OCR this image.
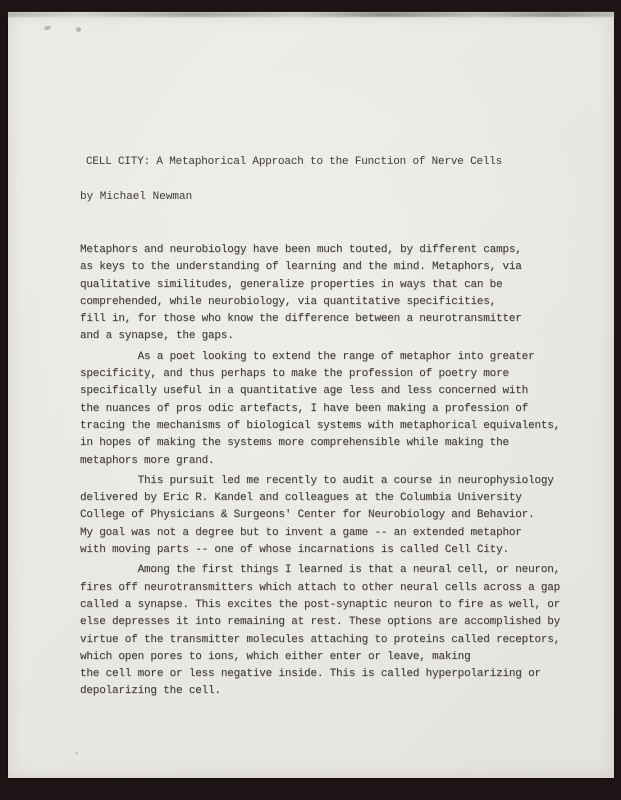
CELL CITY: A Metaphorical Approach to the Function of Nerve Cells
by Michael Newman
Metaphors and neurobiology have been much touted, by different camps,
as keys to the understanding of learning and the mind. Metaphors, via
qualitative similitudes, generalize properties in ways that can be
comprehended, while neurobiology, via quantitative specificities,
fill in, for those who know the difference between a neurotransmitter
and a synapse, the gaps.
As a poet looking to extend the range of metaphor into greater
specificity, and thus perhaps to make the profession of poetry more
specifically useful in a quantitative age less and less concerned with
the nuances of pros odic artefacts, I have been making a profession of
tracing the mechanisms of biological systems with metaphorical equivalents,
in hopes of making the systems more comprehensible while making the
metaphors more grand.
This pursuit led me recently to audit a course in neurophysiology
delivered by Eric R. Kandel and colleagues at the Columbia University
College of Physicians & Surgeons' Center for Neurobiology and Behavior.
My goal was not a degree but to invent a game -- an extended metaphor
with moving parts -- one of whose incarnations is called Cell City.
Among the first things I learned is that a neural cell, or neuron,
fires off neurotransmitters which attach to other neural cells across a gap
called a synapse. This excites the post-synaptic neuron to fire as well, or
else depresses it into remaining at rest. These options are accomplished by
virtue of the transmitter molecules attaching to proteins called receptors,
which open pores to ions, which either enter or leave, making
the cell more or less negative inside. This is called hyperpolarizing or
depolarizing the cell.
